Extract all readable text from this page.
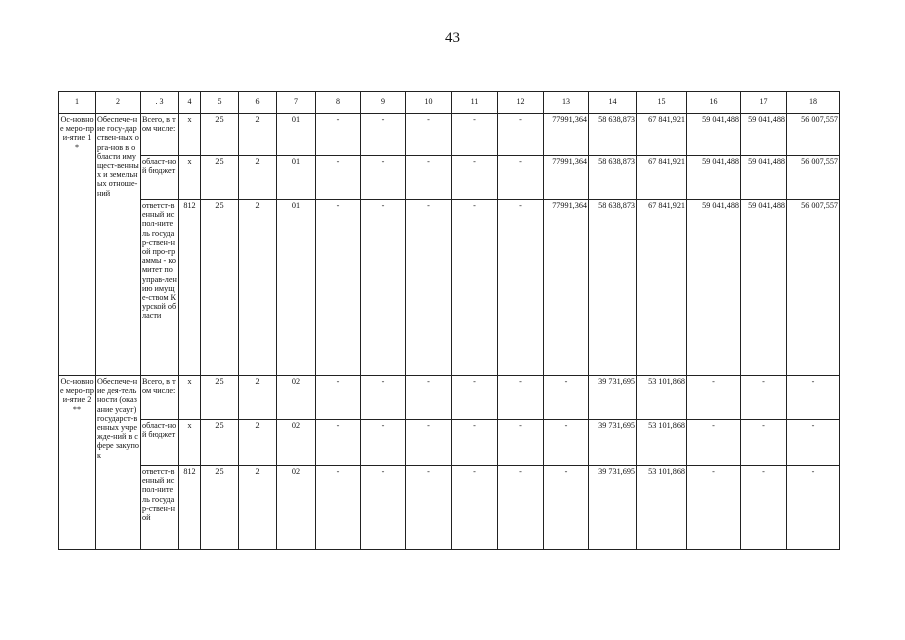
43
1	2	. 3	4	5	6	7	8	9	10	11	12	13	14	15	16	17	18
Ос-новное меро-при-ятие 1 *	Обеспече-ние госу-дарствен-ных орга-нов в области имущест-венных и земельных отноше-ний	Всего, в том числе:	x	25	2	01	-	-	-	-	-	77991,364	58 638,873	67 841,921	59 041,488	59 041,488	56 007,557
		област-ной бюджет	x	25	2	01	-	-	-	-	-	77991,364	58 638,873	67 841,921	59 041,488	59 041,488	56 007,557
		ответст-венный испол-нитель государ-ствен-ной про-граммы - комитет по управ-лению имуще-ством Курской области	812	25	2	01	-	-	-	-	-	77991,364	58 638,873	67 841,921	59 041,488	59 041,488	56 007,557
Ос-новное меро-при-ятие 2 **	Обеспече-ние дея-тельности (оказание усауг) государст-венных учрежде-ний в сфере закупок	Всего, в том числе:	x	25	2	02	-	-	-	-	-	-	39 731,695	53 101,868	-	-	-
		област-ной бюджет	x	25	2	02	-	-	-	-	-	-	39 731,695	53 101,868	-	-	-
		ответст-венный испол-нитель государ-ствен-ной	812	25	2	02	-	-	-	-	-	-	39 731,695	53 101,868	-	-	-
